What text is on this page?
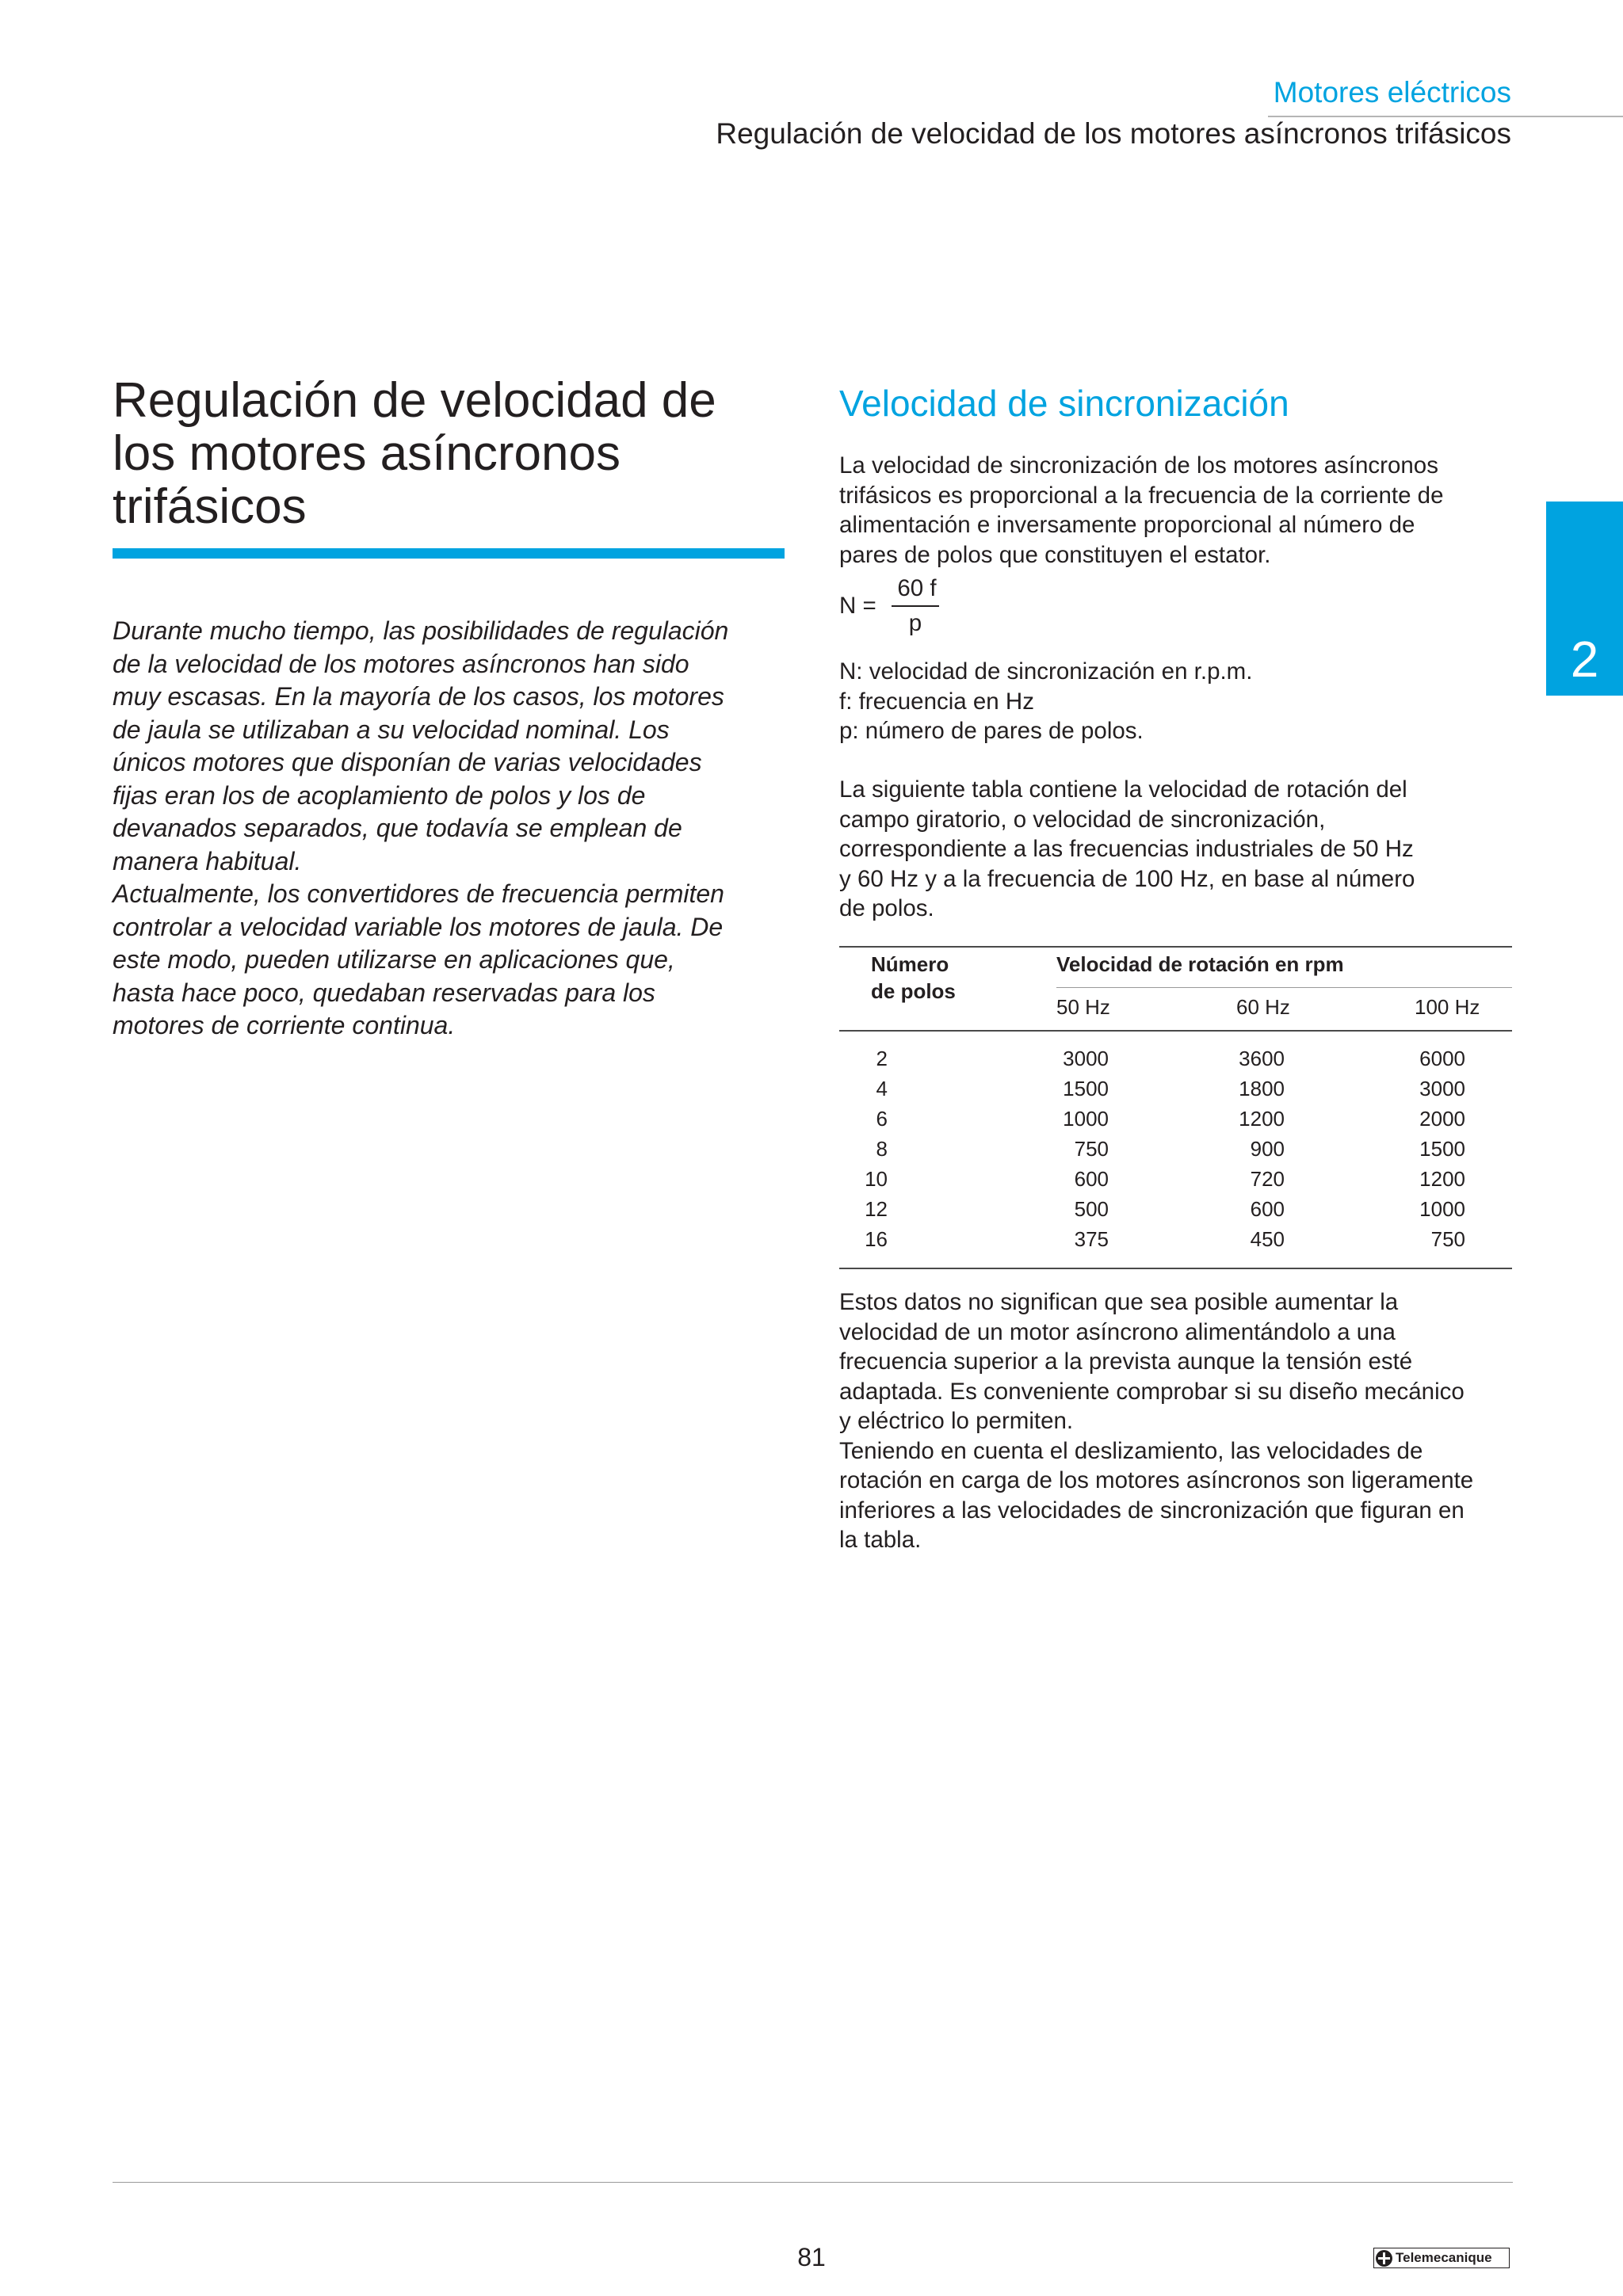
Motores eléctricos
Regulación de velocidad de los motores asíncronos trifásicos
2
Regulación de velocidad de
los motores asíncronos
trifásicos

Durante mucho tiempo, las posibilidades de regulación

de la velocidad de los motores asíncronos han sido

muy escasas. En la mayoría de los casos, los motores

de jaula se utilizaban a su velocidad nominal. Los

únicos motores que disponían de varias velocidades

fijas eran los de acoplamiento de polos y los de

devanados separados, que todavía se emplean de

manera habitual.

Actualmente, los convertidores de frecuencia permiten

controlar a velocidad variable los motores de jaula. De

este modo, pueden utilizarse en aplicaciones que,

hasta hace poco, quedaban reservadas para los

motores de corriente continua.

Velocidad de sincronización

La velocidad de sincronización de los motores asíncronos

trifásicos es proporcional a la frecuencia de la corriente de

alimentación e inversamente proporcional al número de

pares de polos que constituyen el estator.

N =
60 f
p

N: velocidad de sincronización en r.p.m.

f: frecuencia en Hz

p: número de pares de polos.

La siguiente tabla contiene la velocidad de rotación del

campo giratorio, o velocidad de sincronización,

correspondiente a las frecuencias industriales de 50 Hz

y 60 Hz y a la frecuencia de 100 Hz, en base al número

de polos.

Número
de polos
Velocidad de rotación en rpm
50 Hz	60 Hz	100 Hz
2	3000	3600	6000
4	1500	1800	3000
6	1000	1200	2000
8	750	900	1500
10	600	720	1200
12	500	600	1000
16	375	450	750

Estos datos no significan que sea posible aumentar la

velocidad de un motor asíncrono alimentándolo a una

frecuencia superior a la prevista aunque la tensión esté

adaptada. Es conveniente comprobar si su diseño mecánico

y eléctrico lo permiten.

Teniendo en cuenta el deslizamiento, las velocidades de

rotación en carga de los motores asíncronos son ligeramente

inferiores a las velocidades de sincronización que figuran en

la tabla.

81	Telemecanique
